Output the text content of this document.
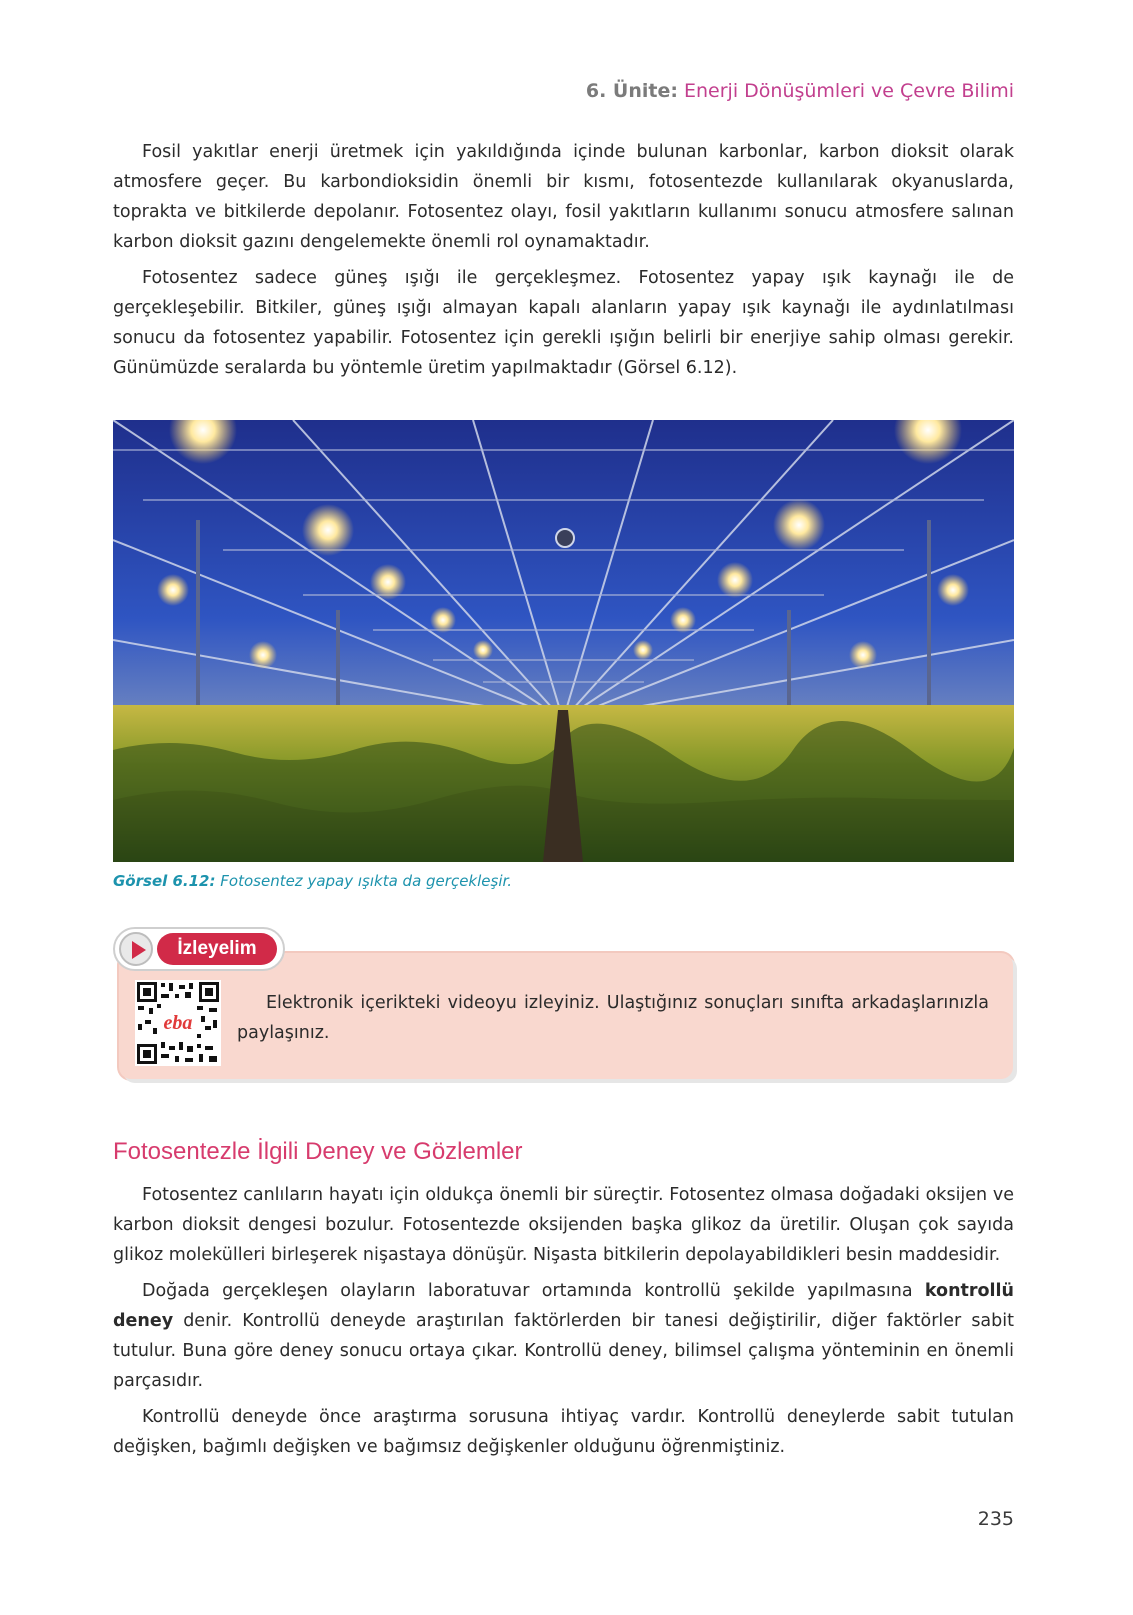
6. Ünite: Enerji Dönüşümleri ve Çevre Bilimi

Fosil yakıtlar enerji üretmek için yakıldığında içinde bulunan karbonlar, karbon dioksit olarak atmosfere geçer. Bu karbondioksidin önemli bir kısmı, fotosentezde kullanılarak okyanuslarda, toprakta ve bitkilerde depolanır. Fotosentez olayı, fosil yakıtların kullanımı sonucu atmosfere salınan karbon dioksit gazını dengelemekte önemli rol oynamaktadır.

Fotosentez sadece güneş ışığı ile gerçekleşmez. Fotosentez yapay ışık kaynağı ile de gerçekleşebilir. Bitkiler, güneş ışığı almayan kapalı alanların yapay ışık kaynağı ile aydınlatılması sonucu da fotosentez yapabilir. Fotosentez için gerekli ışığın belirli bir enerjiye sahip olması gerekir. Günümüzde seralarda bu yöntemle üretim yapılmaktadır (Görsel 6.12).

Görsel 6.12: Fotosentez yapay ışıkta da gerçekleşir.
İzleyelim
eba
Elektronik içerikteki videoyu izleyiniz. Ulaştığınız sonuçları sınıfta arkadaşlarınızla paylaşınız.
Fotosentezle İlgili Deney ve Gözlemler

Fotosentez canlıların hayatı için oldukça önemli bir süreçtir. Fotosentez olmasa doğadaki oksijen ve karbon dioksit dengesi bozulur. Fotosentezde oksijenden başka glikoz da üretilir. Oluşan çok sayıda glikoz molekülleri birleşerek nişastaya dönüşür. Nişasta bitkilerin depolayabildikleri besin maddesidir.

Doğada gerçekleşen olayların laboratuvar ortamında kontrollü şekilde yapılmasına kontrollü deney denir. Kontrollü deneyde araştırılan faktörlerden bir tanesi değiştirilir, diğer faktörler sabit tutulur. Buna göre deney sonucu ortaya çıkar. Kontrollü deney, bilimsel çalışma yönteminin en önemli parçasıdır.

Kontrollü deneyde önce araştırma sorusuna ihtiyaç vardır. Kontrollü deneylerde sabit tutulan değişken, bağımlı değişken ve bağımsız değişkenler olduğunu öğrenmiştiniz.

235
